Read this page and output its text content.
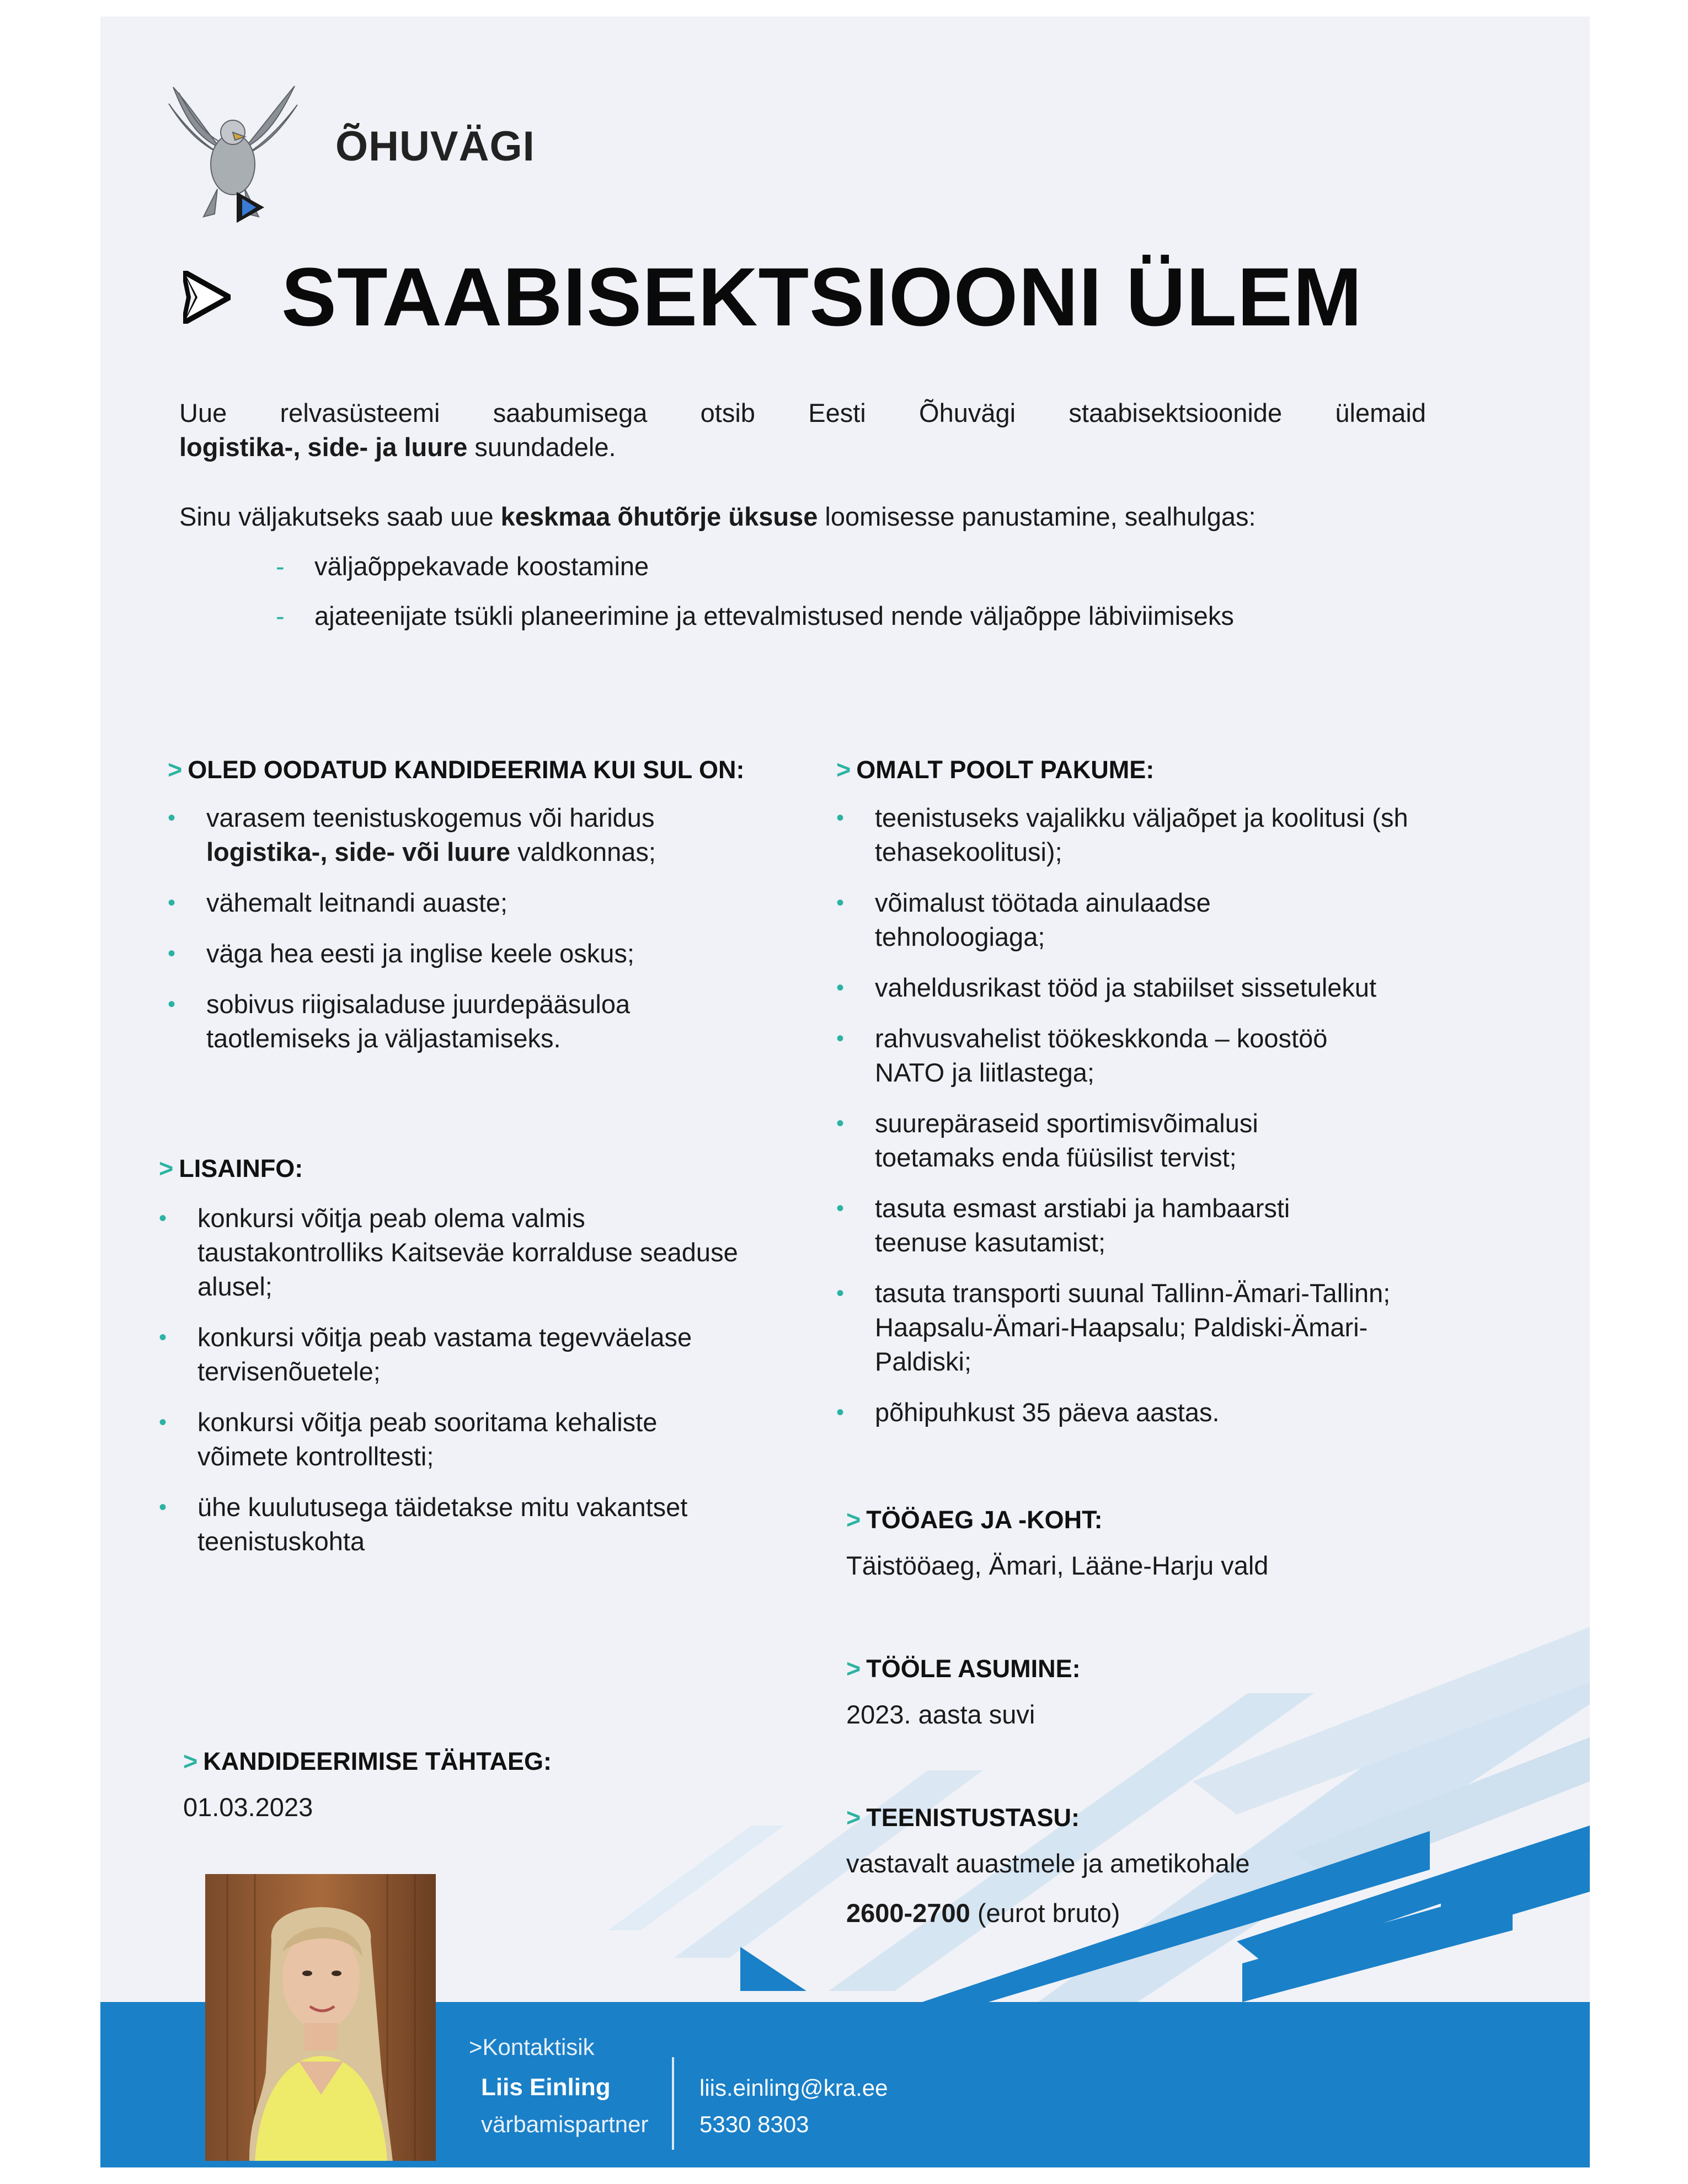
ÕHUVÄGI
STAABISEKTSIOONI ÜLEM
Uue relvasüsteemi saabumisega otsib Eesti Õhuvägi staabisektsioonide ülemaid
logistika-, side- ja luure suundadele.
Sinu väljakutseks saab uue keskmaa õhutõrje üksuse loomisesse panustamine, sealhulgas:
-	väljaõppekavade koostamine
-	ajateenijate tsükli planeerimine ja ettevalmistused nende väljaõppe läbiviimiseks
> OLED OODATUD KANDIDEERIMA KUI SUL ON:
•	varasem teenistuskogemus või haridus
logistika-, side- või luure valdkonnas;
•	vähemalt leitnandi auaste;
•	väga hea eesti ja inglise keele oskus;
•	sobivus riigisaladuse juurdepääsuloa taotlemiseks ja väljastamiseks.
> LISAINFO:
•	konkursi võitja peab olema valmis taustakontrolliks Kaitseväe korralduse seaduse alusel;
•	konkursi võitja peab vastama tegevväelase tervisenõuetele;
•	konkursi võitja peab sooritama kehaliste võimete kontrolltesti;
•	ühe kuulutusega täidetakse mitu vakantset teenistuskohta
> OMALT POOLT PAKUME:
•	teenistuseks vajalikku väljaõpet ja koolitusi (sh tehasekoolitusi);
•	võimalust töötada ainulaadse tehnoloogiaga;
•	vaheldusrikast tööd ja stabiilset sissetulekut
•	rahvusvahelist töökeskkonda – koostöö NATO ja liitlastega;
•	suurepäraseid sportimisvõimalusi toetamaks enda füüsilist tervist;
•	tasuta esmast arstiabi ja hambaarsti teenuse kasutamist;
•	tasuta transporti suunal Tallinn-Ämari-Tallinn; Haapsalu-Ämari-Haapsalu; Paldiski-Ämari-Paldiski;
•	põhipuhkust 35 päeva aastas.
> TÖÖAEG JA -KOHT:
Täistööaeg, Ämari, Lääne-Harju vald
> TÖÖLE ASUMINE:
2023. aasta suvi
> KANDIDEERIMISE TÄHTAEG:
01.03.2023	> TEENISTUSTASU:
vastavalt auastmele ja ametikohale
2600-2700 (eurot bruto)
>Kontaktisik
Liis Einling
värbamispartner
liis.einling@kra.ee
5330 8303
